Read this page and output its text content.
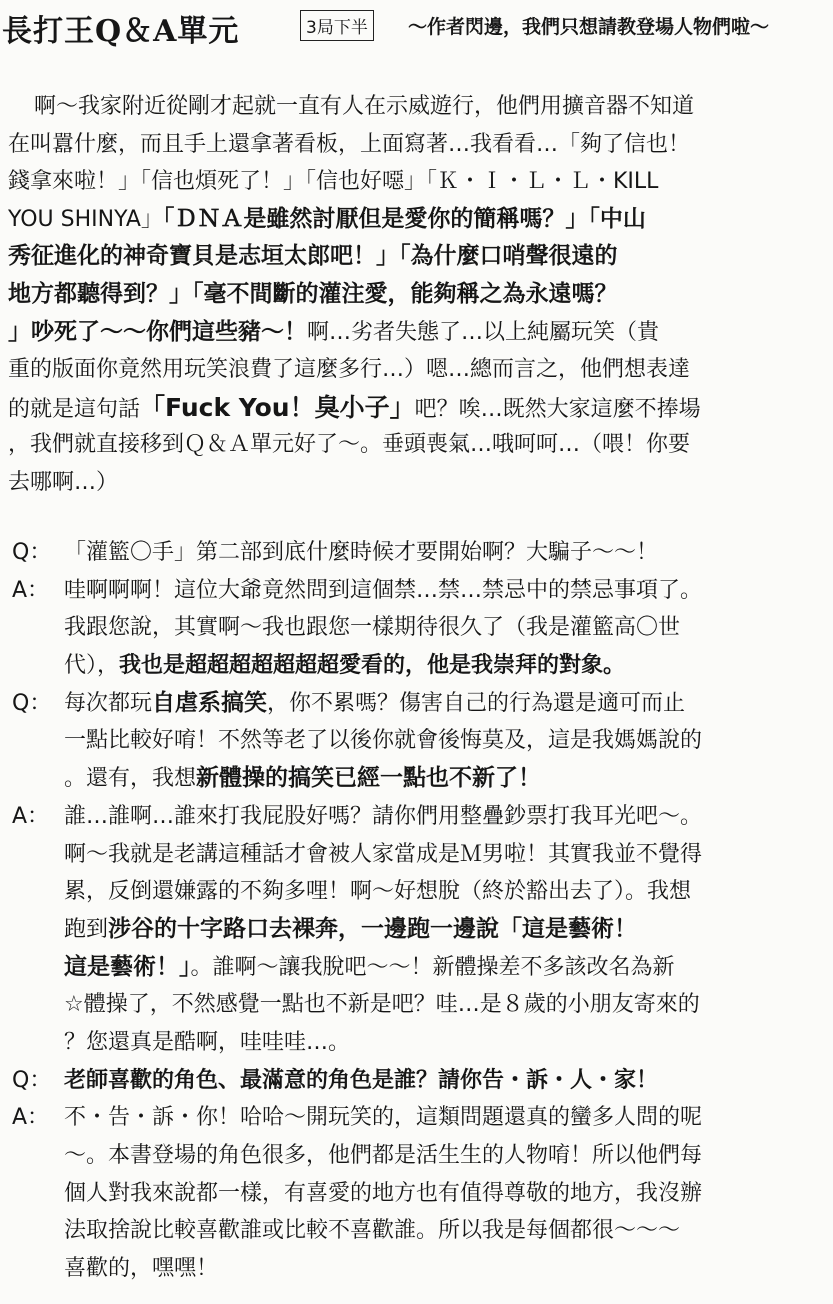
長打王Q＆A單元	3局下半	～作者閃邊，我們只想請教登場人物們啦～
啊～我家附近從剛才起就一直有人在示威遊行，他們用擴音器不知道
在叫囂什麼，而且手上還拿著看板，上面寫著…我看看…「夠了信也！
錢拿來啦！」「信也煩死了！」「信也好噁」「Ｋ・Ｉ・Ｌ・Ｌ・KILL
YOU SHINYA」「ＤＮＡ是雖然討厭但是愛你的簡稱嗎？」「中山
秀征進化的神奇寶貝是志垣太郎吧！」「為什麼口哨聲很遠的
地方都聽得到？」「毫不間斷的灌注愛，能夠稱之為永遠嗎？
」吵死了～～你們這些豬～！啊…劣者失態了…以上純屬玩笑（貴
重的版面你竟然用玩笑浪費了這麼多行…）嗯…總而言之，他們想表達
的就是這句話「Fuck You！臭小子」吧？唉…既然大家這麼不捧場
，我們就直接移到Ｑ＆Ａ單元好了～。垂頭喪氣…哦呵呵…（喂！你要
去哪啊…）
Q： 「灌籃〇手」第二部到底什麼時候才要開始啊？大騙子～～！
A： 哇啊啊啊！這位大爺竟然問到這個禁…禁…禁忌中的禁忌事項了。
我跟您說，其實啊～我也跟您一樣期待很久了（我是灌籃高〇世
代），我也是超超超超超超超愛看的，他是我崇拜的對象。
Q： 每次都玩自虐系搞笑，你不累嗎？傷害自己的行為還是適可而止
一點比較好唷！不然等老了以後你就會後悔莫及，這是我媽媽說的
。還有，我想新體操的搞笑已經一點也不新了！
A： 誰…誰啊…誰來打我屁股好嗎？請你們用整疊鈔票打我耳光吧～。
啊～我就是老講這種話才會被人家當成是Ｍ男啦！其實我並不覺得
累，反倒還嫌露的不夠多哩！啊～好想脫（終於豁出去了）。我想
跑到涉谷的十字路口去裸奔，一邊跑一邊說「這是藝術！
這是藝術！」。誰啊～讓我脫吧～～！新體操差不多該改名為新
☆體操了，不然感覺一點也不新是吧？哇…是８歲的小朋友寄來的
？您還真是酷啊，哇哇哇…。
Q： 老師喜歡的角色、最滿意的角色是誰？請你告・訴・人・家！
A： 不・告・訴・你！哈哈～開玩笑的，這類問題還真的蠻多人問的呢
～。本書登場的角色很多，他們都是活生生的人物唷！所以他們每
個人對我來說都一樣，有喜愛的地方也有值得尊敬的地方，我沒辦
法取捨說比較喜歡誰或比較不喜歡誰。所以我是每個都很～～～
喜歡的，嘿嘿！
